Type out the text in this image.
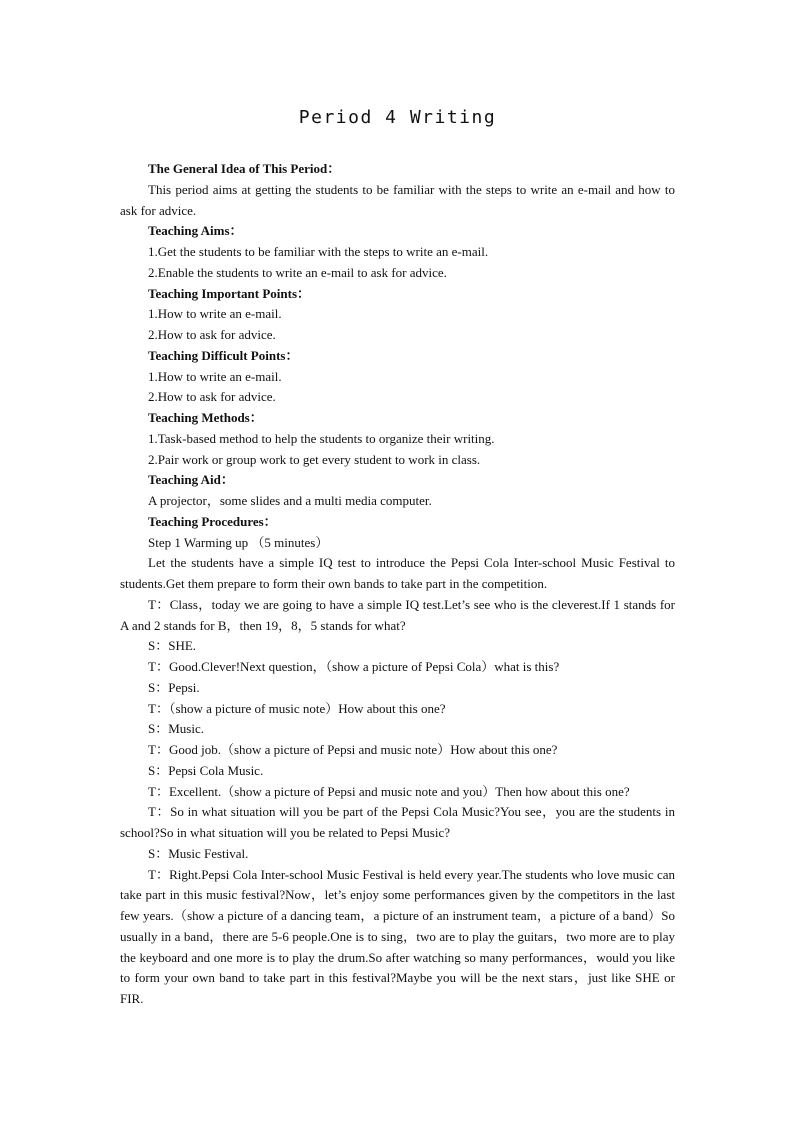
Period 4 Writing

The General Idea of This Period：

This period aims at getting the students to be familiar with the steps to write an e-mail and how to ask for advice.

Teaching Aims：

1.Get the students to be familiar with the steps to write an e-mail.

2.Enable the students to write an e-mail to ask for advice.

Teaching Important Points：

1.How to write an e-mail.

2.How to ask for advice.

Teaching Difficult Points：

1.How to write an e-mail.

2.How to ask for advice.

Teaching Methods：

1.Task-based method to help the students to organize their writing.

2.Pair work or group work to get every student to work in class.

Teaching Aid：

A projector，some slides and a multi media computer.

Teaching Procedures：

Step 1 Warming up （5 minutes）

Let the students have a simple IQ test to introduce the Pepsi Cola Inter-school Music Festival to students.Get them prepare to form their own bands to take part in the competition.

T：Class，today we are going to have a simple IQ test.Let’s see who is the cleverest.If 1 stands for A and 2 stands for B，then 19，8，5 stands for what?

S：SHE.

T：Good.Clever!Next question，（show a picture of Pepsi Cola）what is this?

S：Pepsi.

T：（show a picture of music note）How about this one?

S：Music.

T：Good job.（show a picture of Pepsi and music note）How about this one?

S：Pepsi Cola Music.

T：Excellent.（show a picture of Pepsi and music note and you）Then how about this one?

T：So in what situation will you be part of the Pepsi Cola Music?You see，you are the students in school?So in what situation will you be related to Pepsi Music?

S：Music Festival.

T：Right.Pepsi Cola Inter-school Music Festival is held every year.The students who love music can take part in this music festival?Now，let’s enjoy some performances given by the competitors in the last few years.（show a picture of a dancing team，a picture of an instrument team，a picture of a band）So usually in a band，there are 5-6 people.One is to sing，two are to play the guitars，two more are to play the keyboard and one more is to play the drum.So after watching so many performances，would you like to form your own band to take part in this festival?Maybe you will be the next stars，just like SHE or FIR.
